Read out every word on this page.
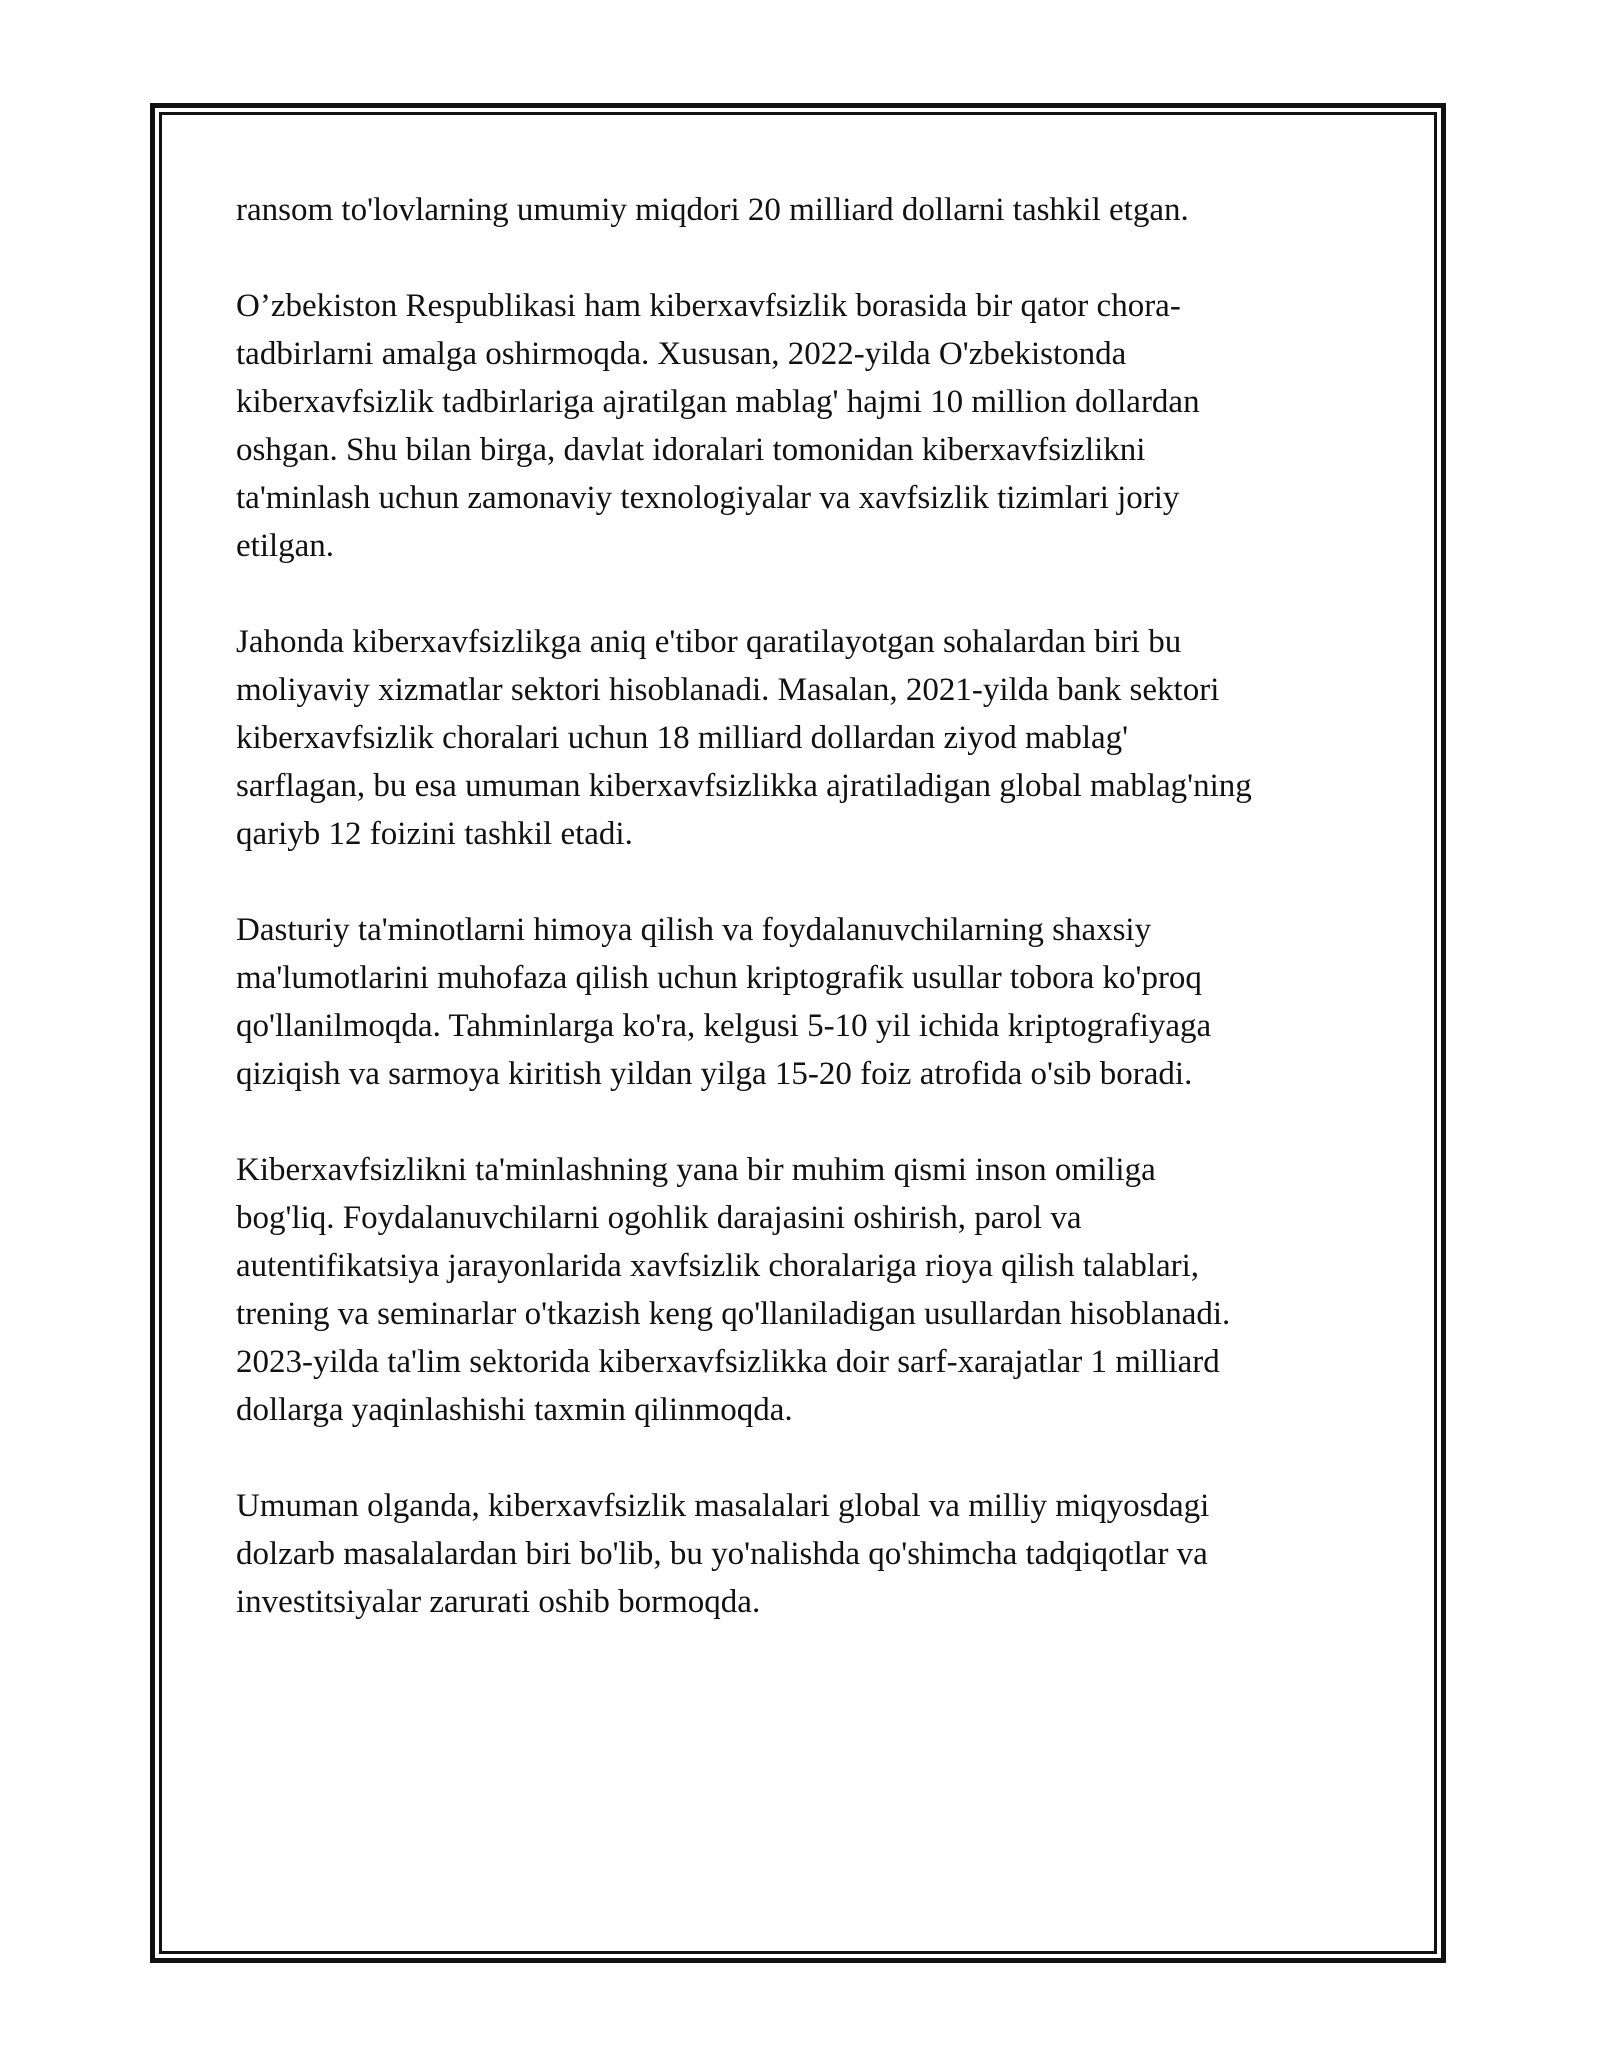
ransom to'lovlarning umumiy miqdori 20 milliard dollarni tashkil etgan.

O’zbekiston Respublikasi ham kiberxavfsizlik borasida bir qator chora-
tadbirlarni amalga oshirmoqda. Xususan, 2022-yilda O'zbekistonda
kiberxavfsizlik tadbirlariga ajratilgan mablag' hajmi 10 million dollardan
oshgan. Shu bilan birga, davlat idoralari tomonidan kiberxavfsizlikni
ta'minlash uchun zamonaviy texnologiyalar va xavfsizlik tizimlari joriy
etilgan.

Jahonda kiberxavfsizlikga aniq e'tibor qaratilayotgan sohalardan biri bu
moliyaviy xizmatlar sektori hisoblanadi. Masalan, 2021-yilda bank sektori
kiberxavfsizlik choralari uchun 18 milliard dollardan ziyod mablag'
sarflagan, bu esa umuman kiberxavfsizlikka ajratiladigan global mablag'ning
qariyb 12 foizini tashkil etadi.

Dasturiy ta'minotlarni himoya qilish va foydalanuvchilarning shaxsiy
ma'lumotlarini muhofaza qilish uchun kriptografik usullar tobora ko'proq
qo'llanilmoqda. Tahminlarga ko'ra, kelgusi 5-10 yil ichida kriptografiyaga
qiziqish va sarmoya kiritish yildan yilga 15-20 foiz atrofida o'sib boradi.

Kiberxavfsizlikni ta'minlashning yana bir muhim qismi inson omiliga
bog'liq. Foydalanuvchilarni ogohlik darajasini oshirish, parol va
autentifikatsiya jarayonlarida xavfsizlik choralariga rioya qilish talablari,
trening va seminarlar o'tkazish keng qo'llaniladigan usullardan hisoblanadi.
2023-yilda ta'lim sektorida kiberxavfsizlikka doir sarf-xarajatlar 1 milliard
dollarga yaqinlashishi taxmin qilinmoqda.

Umuman olganda, kiberxavfsizlik masalalari global va milliy miqyosdagi
dolzarb masalalardan biri bo'lib, bu yo'nalishda qo'shimcha tadqiqotlar va
investitsiyalar zarurati oshib bormoqda.
